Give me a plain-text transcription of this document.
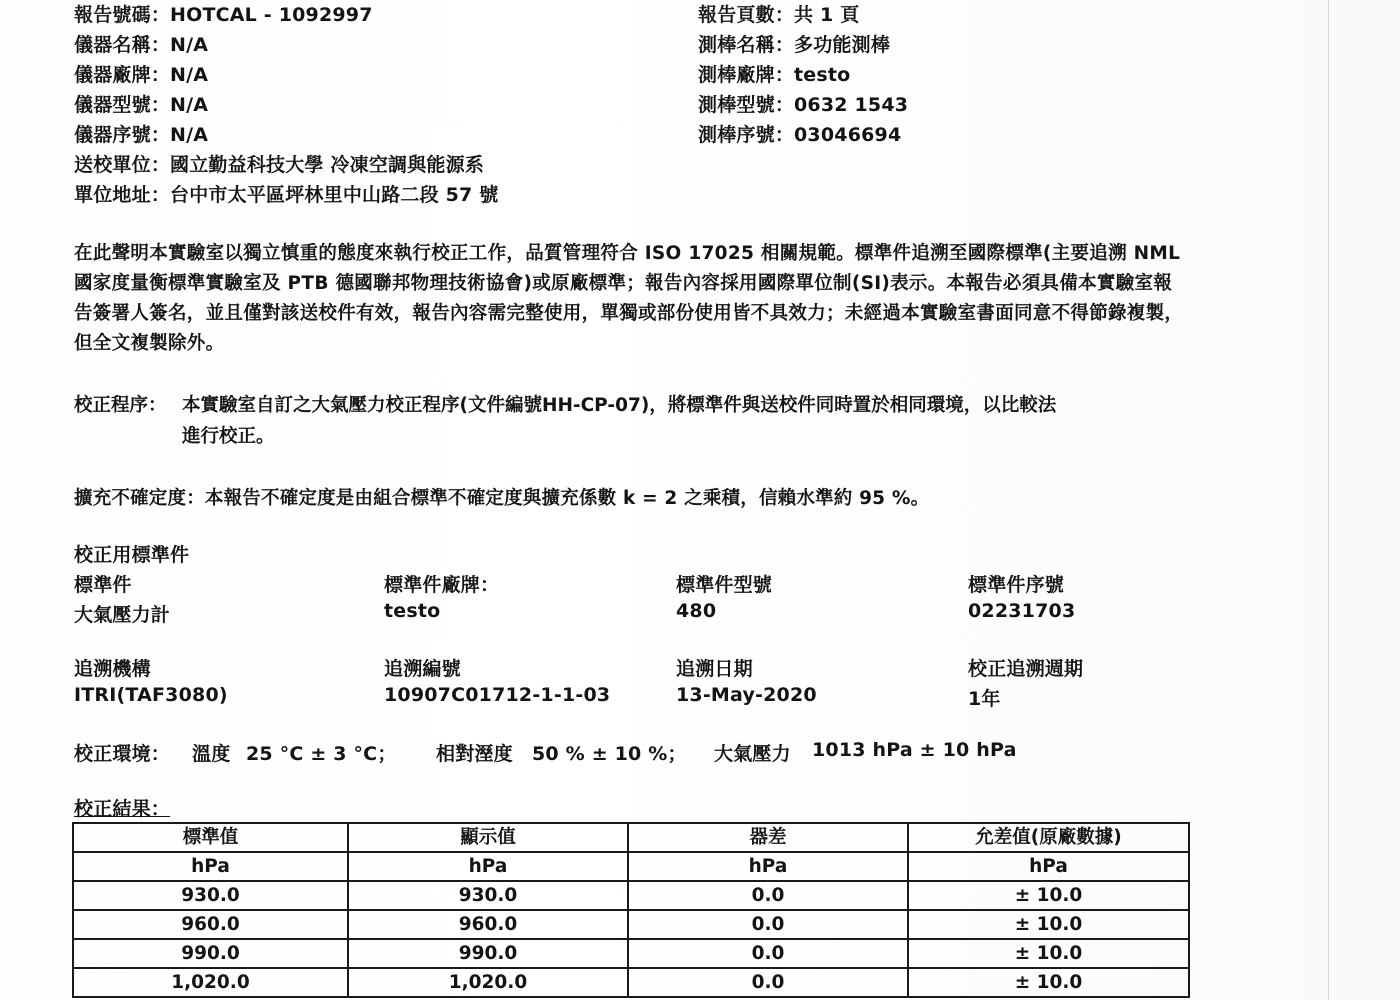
報告號碼：HOTCAL - 1092997
儀器名稱：N/A
儀器廠牌：N/A
儀器型號：N/A
儀器序號：N/A
送校單位：國立勤益科技大學 冷凍空調與能源系
單位地址：台中市太平區坪林里中山路二段 57 號
報告頁數：共 1 頁
測棒名稱：多功能測棒
測棒廠牌：testo
測棒型號：0632 1543
測棒序號：03046694
在此聲明本實驗室以獨立慎重的態度來執行校正工作，品質管理符合 ISO 17025 相關規範。標準件追溯至國際標準(主要追溯 NML 國家度量衡標準實驗室及 PTB 德國聯邦物理技術協會)或原廠標準；報告內容採用國際單位制(SI)表示。本報告必須具備本實驗室報告簽署人簽名，並且僅對該送校件有效，報告內容需完整使用，單獨或部份使用皆不具效力；未經過本實驗室書面同意不得節錄複製，但全文複製除外。
校正程序： 本實驗室自訂之大氣壓力校正程序(文件編號HH-CP-07)，將標準件與送校件同時置於相同環境，以比較法
進行校正。
擴充不確定度：本報告不確定度是由組合標準不確定度與擴充係數 k = 2 之乘積，信賴水準約 95 %。
校正用標準件
標準件	標準件廠牌：	標準件型號	標準件序號
大氣壓力計	testo	480	02231703
追溯機構	追溯編號	追溯日期	校正追溯週期
ITRI(TAF3080)	10907C01712-1-1-03	13-May-2020	1年
校正環境： 溫度 25 °C ± 3 °C； 相對溼度 50 % ± 10 %； 大氣壓力 1013 hPa ± 10 hPa
校正結果：
標準值	顯示值	器差	允差值(原廠數據)
hPa	hPa	hPa	hPa
930.0	930.0	0.0	± 10.0
960.0	960.0	0.0	± 10.0
990.0	990.0	0.0	± 10.0
1,020.0	1,020.0	0.0	± 10.0
